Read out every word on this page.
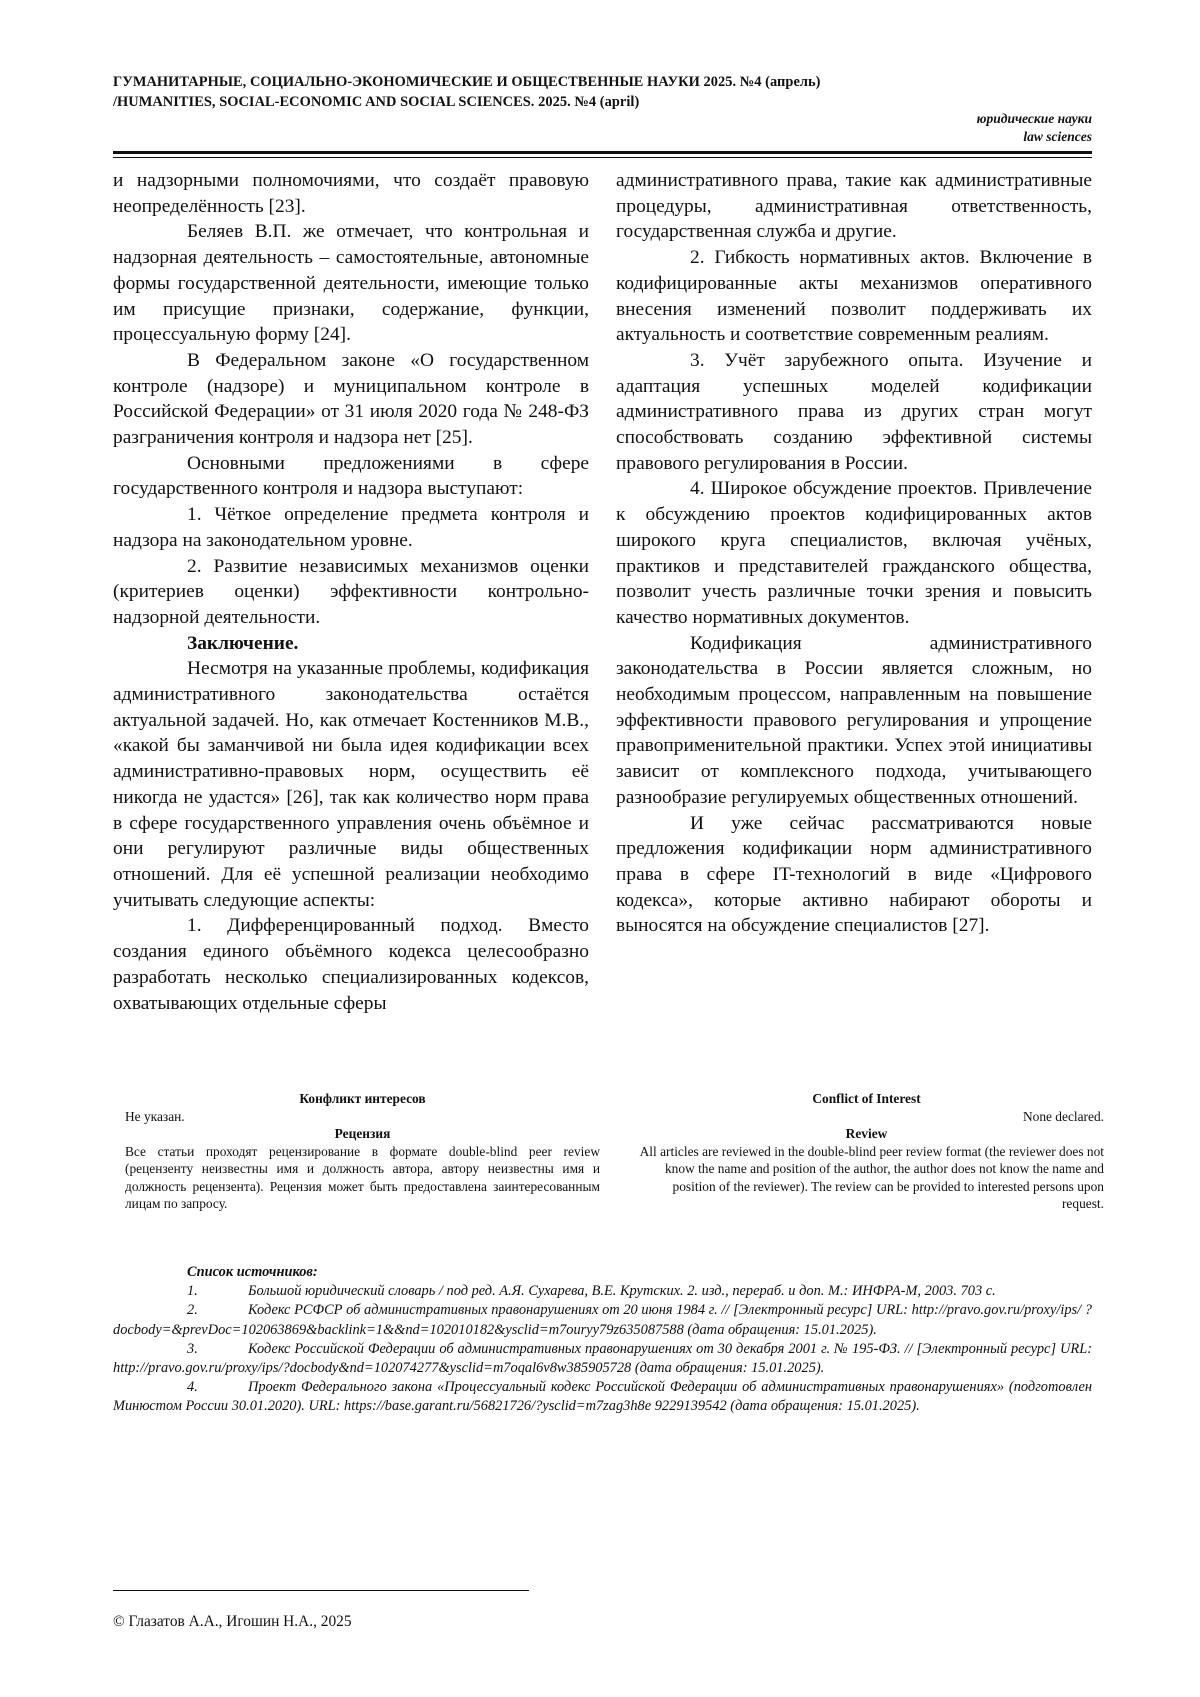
ГУМАНИТАРНЫЕ, СОЦИАЛЬНО-ЭКОНОМИЧЕСКИЕ И ОБЩЕСТВЕННЫЕ НАУКИ 2025. №4 (апрель)
/HUMANITIES, SOCIAL-ECONOMIC AND SOCIAL SCIENCES. 2025. №4 (april)
юридические науки
law sciences

и надзорными полномочиями, что создаёт правовую неопределённость [23].

Беляев В.П. же отмечает, что контрольная и надзорная деятельность – самостоятельные, автономные формы государственной деятельности, имеющие только им присущие признаки, содержание, функции, процессуальную форму [24].

В Федеральном законе «О государственном контроле (надзоре) и муниципальном контроле в Российской Федерации» от 31 июля 2020 года № 248-ФЗ разграничения контроля и надзора нет [25].

Основными предложениями в сфере государственного контроля и надзора выступают:

1. Чёткое определение предмета контроля и надзора на законодательном уровне.

2. Развитие независимых механизмов оценки (критериев оценки) эффективности контрольно-надзорной деятельности.

Заключение.

Несмотря на указанные проблемы, кодификация административного законодательства остаётся актуальной задачей. Но, как отмечает Костенников М.В., «какой бы заманчивой ни была идея кодификации всех административно-правовых норм, осуществить её никогда не удастся» [26], так как количество норм права в сфере государственного управления очень объёмное и они регулируют различные виды общественных отношений. Для её успешной реализации необходимо учитывать следующие аспекты:

1. Дифференцированный подход. Вместо создания единого объёмного кодекса целесообразно разработать несколько специализированных кодексов, охватывающих отдельные сферы

административного права, такие как административные процедуры, административная ответственность, государственная служба и другие.

2. Гибкость нормативных актов. Включение в кодифицированные акты механизмов оперативного внесения изменений позволит поддерживать их актуальность и соответствие современным реалиям.

3. Учёт зарубежного опыта. Изучение и адаптация успешных моделей кодификации административного права из других стран могут способствовать созданию эффективной системы правового регулирования в России.

4. Широкое обсуждение проектов. Привлечение к обсуждению проектов кодифицированных актов широкого круга специалистов, включая учёных, практиков и представителей гражданского общества, позволит учесть различные точки зрения и повысить качество нормативных документов.

Кодификация административного законодательства в России является сложным, но необходимым процессом, направленным на повышение эффективности правового регулирования и упрощение правоприменительной практики. Успех этой инициативы зависит от комплексного подхода, учитывающего разнообразие регулируемых общественных отношений.

И уже сейчас рассматриваются новые предложения кодификации норм административного права в сфере IT-технологий в виде «Цифрового кодекса», которые активно набирают обороты и выносятся на обсуждение специалистов [27].

Конфликт интересов
Не указан.
Рецензия
Все статьи проходят рецензирование в формате double-blind peer review (рецензенту неизвестны имя и должность автора, автору неизвестны имя и должность рецензента). Рецензия может быть предоставлена заинтересованным лицам по запросу.
Conflict of Interest
None declared.
Review
All articles are reviewed in the double-blind peer review format (the reviewer does not know the name and position of the author, the author does not know the name and position of the reviewer). The review can be provided to interested persons upon request.
Список источников:
1.	Большой юридический словарь / под ред. А.Я. Сухарева, В.Е. Крутских. 2. изд., перераб. и доп. М.: ИНФРА-М, 2003. 703 с.
2.	Кодекс РСФСР об административных правонарушениях от 20 июня 1984 г. // [Электронный ресурс] URL: http://pravo.gov.ru/proxy/ips/ ?docbody=&prevDoc=102063869&backlink=1&&nd=102010182&ysclid=m7ouryy79z635087588 (дата обращения: 15.01.2025).
3.	Кодекс Российской Федерации об административных правонарушениях от 30 декабря 2001 г. № 195-ФЗ. // [Электронный ресурс] URL: http://pravo.gov.ru/proxy/ips/?docbody&nd=102074277&ysclid=m7oqal6v8w385905728 (дата обращения: 15.01.2025).
4.	Проект Федерального закона «Процессуальный кодекс Российской Федерации об административных правонарушениях» (подготовлен Минюстом России 30.01.2020). URL: https://base.garant.ru/56821726/?ysclid=m7zag3h8e 9229139542 (дата обращения: 15.01.2025).
© Глазатов А.А., Игошин Н.А., 2025
